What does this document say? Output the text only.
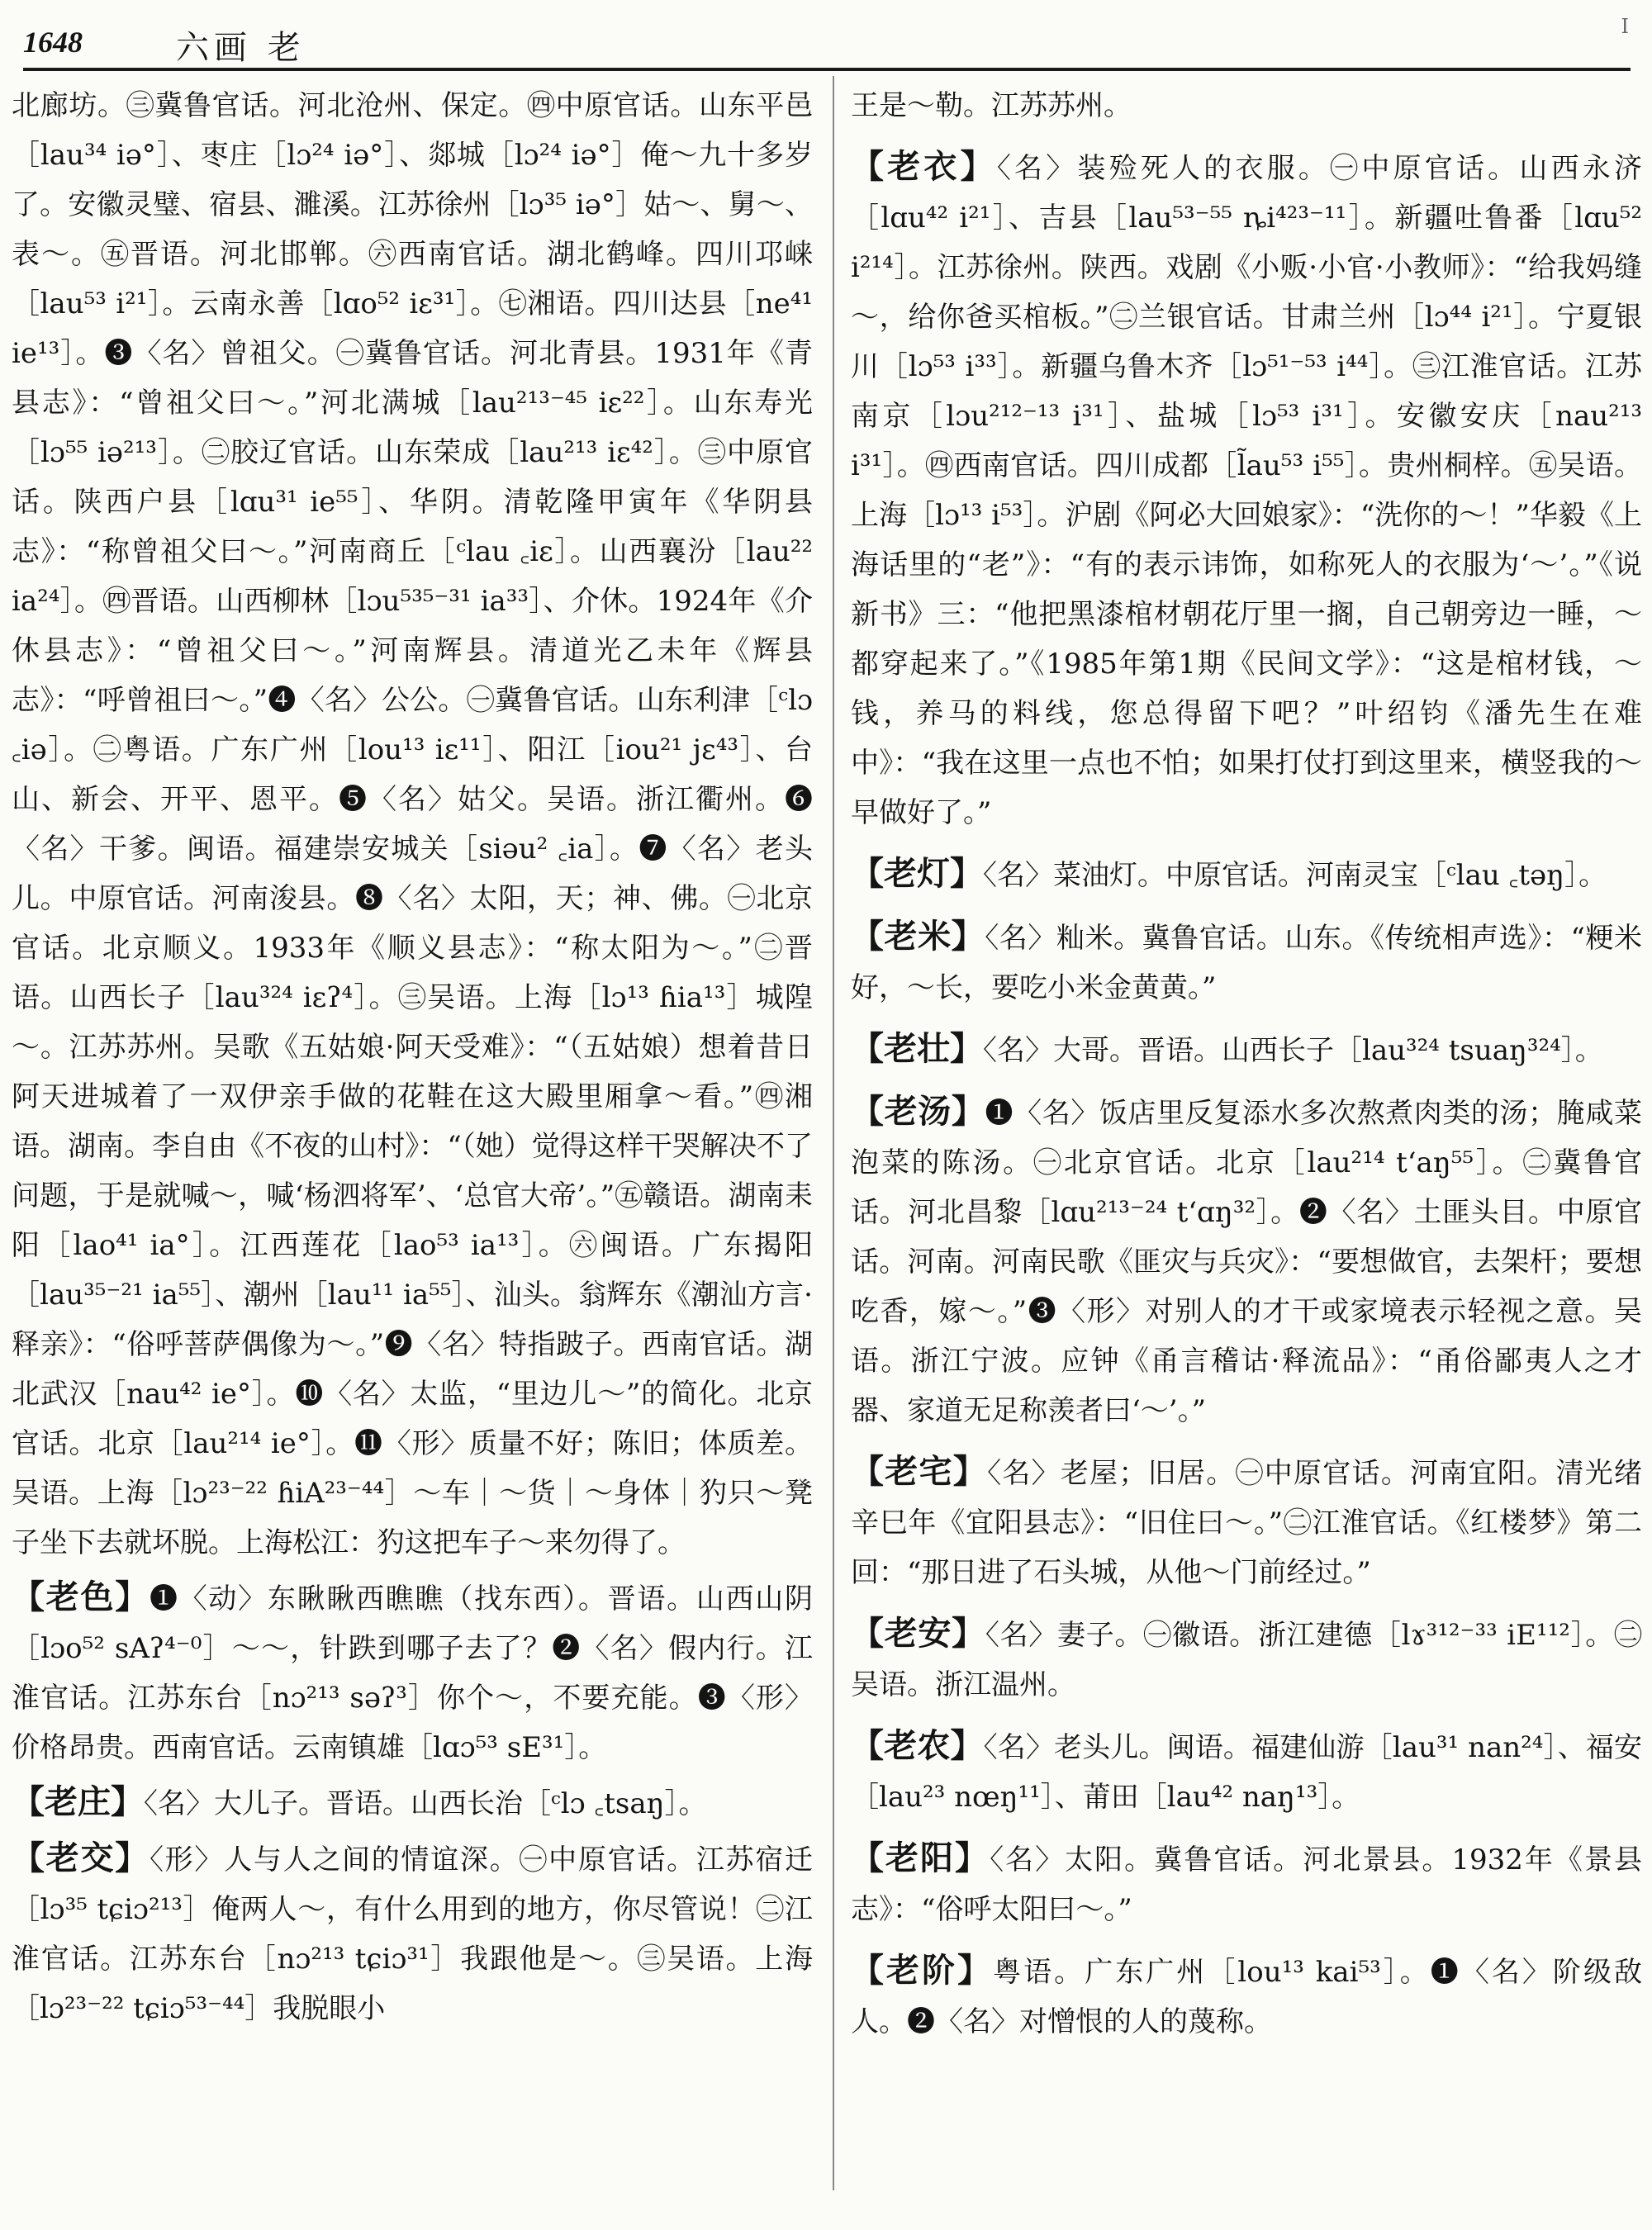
1648	六画 老
I
北廊坊。㊂冀鲁官话。河北沧州、保定。㊃中原官话。山东平邑［lau³⁴ iə°］、枣庄［lɔ²⁴ iə°］、郯城［lɔ²⁴ iə°］俺～九十多岁了。安徽灵璧、宿县、濉溪。江苏徐州［lɔ³⁵ iə°］姑～、舅～、表～。㊄晋语。河北邯郸。㊅西南官话。湖北鹤峰。四川邛崃［lau⁵³ i²¹］。云南永善［lɑo⁵² iɛ³¹］。㊆湘语。四川达县［ne⁴¹ ie¹³］。❸〈名〉曾祖父。㊀冀鲁官话。河北青县。1931年《青县志》：“曾祖父曰～。”河北满城［lau²¹³⁻⁴⁵ iɛ²²］。山东寿光［lɔ⁵⁵ iə²¹³］。㊁胶辽官话。山东荣成［lau²¹³ iɛ⁴²］。㊂中原官话。陕西户县［lɑu³¹ ie⁵⁵］、华阴。清乾隆甲寅年《华阴县志》：“称曾祖父曰～。”河南商丘［ᶜlau ꜀iɛ］。山西襄汾［lau²² ia²⁴］。㊃晋语。山西柳林［lɔu⁵³⁵⁻³¹ ia³³］、介休。1924年《介休县志》：“曾祖父曰～。”河南辉县。清道光乙未年《辉县志》：“呼曾祖曰～。”❹〈名〉公公。㊀冀鲁官话。山东利津［ᶜlɔ ꜀iə］。㊁粤语。广东广州［lou¹³ iɛ¹¹］、阳江［iou²¹ jɛ⁴³］、台山、新会、开平、恩平。❺〈名〉姑父。吴语。浙江衢州。❻〈名〉干爹。闽语。福建崇安城关［siəu² ꜀ia］。❼〈名〉老头儿。中原官话。河南浚县。❽〈名〉太阳，天；神、佛。㊀北京官话。北京顺义。1933年《顺义县志》：“称太阳为～。”㊁晋语。山西长子［lau³²⁴ iɛʔ⁴］。㊂吴语。上海［lɔ¹³ ɦia¹³］城隍～。江苏苏州。吴歌《五姑娘·阿天受难》：“（五姑娘）想着昔日阿天进城着了一双伊亲手做的花鞋在这大殿里厢拿～看。”㊃湘语。湖南。李自由《不夜的山村》：“（她）觉得这样干哭解决不了问题，于是就喊～，喊‘杨泗将军’、‘总官大帝’。”㊄赣语。湖南耒阳［lao⁴¹ ia°］。江西莲花［lao⁵³ ia¹³］。㊅闽语。广东揭阳［lau³⁵⁻²¹ ia⁵⁵］、潮州［lau¹¹ ia⁵⁵］、汕头。翁辉东《潮汕方言·释亲》：“俗呼菩萨偶像为～。”❾〈名〉特指跛子。西南官话。湖北武汉［nau⁴² ie°］。❿〈名〉太监，“里边儿～”的简化。北京官话。北京［lau²¹⁴ ie°］。⓫〈形〉质量不好；陈旧；体质差。吴语。上海［lɔ²³⁻²² ɦiA²³⁻⁴⁴］～车｜～货｜～身体｜犳只～凳子坐下去就坏脱。上海松江：犳这把车子～来勿得了。
【老色】❶〈动〉东瞅瞅西瞧瞧（找东西）。晋语。山西山阴［lɔo⁵² sAʔ⁴⁻⁰］～～，针跌到哪子去了？❷〈名〉假内行。江淮官话。江苏东台［nɔ²¹³ səʔ³］你个～，不要充能。❸〈形〉价格昂贵。西南官话。云南镇雄［lɑɔ⁵³ sE³¹］。
【老庄】〈名〉大儿子。晋语。山西长治［ᶜlɔ ꜀tsaŋ］。
【老交】〈形〉人与人之间的情谊深。㊀中原官话。江苏宿迁［lɔ³⁵ tɕiɔ²¹³］俺两人～，有什么用到的地方，你尽管说！㊁江淮官话。江苏东台［nɔ²¹³ tɕiɔ³¹］我跟他是～。㊂吴语。上海［lɔ²³⁻²² tɕiɔ⁵³⁻⁴⁴］我脱眼小
王是～勒。江苏苏州。
【老衣】〈名〉装殓死人的衣服。㊀中原官话。山西永济［lɑu⁴² i²¹］、吉县［lau⁵³⁻⁵⁵ ȵi⁴²³⁻¹¹］。新疆吐鲁番［lɑu⁵² i²¹⁴］。江苏徐州。陕西。戏剧《小贩·小官·小教师》：“给我妈缝～，给你爸买棺板。”㊁兰银官话。甘肃兰州［lɔ⁴⁴ i²¹］。宁夏银川［lɔ⁵³ i³³］。新疆乌鲁木齐［lɔ⁵¹⁻⁵³ i⁴⁴］。㊂江淮官话。江苏南京［lɔu²¹²⁻¹³ i³¹］、盐城［lɔ⁵³ i³¹］。安徽安庆［nau²¹³ i³¹］。㊃西南官话。四川成都［l̃au⁵³ i⁵⁵］。贵州桐梓。㊄吴语。上海［lɔ¹³ i⁵³］。沪剧《阿必大回娘家》：“洗你的～！”华毅《上海话里的“老”》：“有的表示讳饰，如称死人的衣服为‘～’。”《说新书》三：“他把黑漆棺材朝花厅里一搁，自己朝旁边一睡，～都穿起来了。”《1985年第1期《民间文学》：“这是棺材钱，～钱，养马的料线，您总得留下吧？”叶绍钧《潘先生在难中》：“我在这里一点也不怕；如果打仗打到这里来，横竖我的～早做好了。”
【老灯】〈名〉菜油灯。中原官话。河南灵宝［ᶜlau ꜀təŋ］。
【老米】〈名〉籼米。冀鲁官话。山东。《传统相声选》：“粳米好，～长，要吃小米金黄黄。”
【老壮】〈名〉大哥。晋语。山西长子［lau³²⁴ tsuaŋ³²⁴］。
【老汤】❶〈名〉饭店里反复添水多次熬煮肉类的汤；腌咸菜泡菜的陈汤。㊀北京官话。北京［lau²¹⁴ t‘aŋ⁵⁵］。㊁冀鲁官话。河北昌黎［lɑu²¹³⁻²⁴ t‘ɑŋ³²］。❷〈名〉土匪头目。中原官话。河南。河南民歌《匪灾与兵灾》：“要想做官，去架杆；要想吃香，嫁～。”❸〈形〉对别人的才干或家境表示轻视之意。吴语。浙江宁波。应钟《甬言稽诂·释流品》：“甬俗鄙夷人之才器、家道无足称羡者曰‘～’。”
【老宅】〈名〉老屋；旧居。㊀中原官话。河南宜阳。清光绪辛巳年《宜阳县志》：“旧住曰～。”㊁江淮官话。《红楼梦》第二回：“那日进了石头城，从他～门前经过。”
【老安】〈名〉妻子。㊀徽语。浙江建德［lɤ³¹²⁻³³ iE¹¹²］。㊁吴语。浙江温州。
【老农】〈名〉老头儿。闽语。福建仙游［lau³¹ nan²⁴］、福安［lau²³ nœŋ¹¹］、莆田［lau⁴² naŋ¹³］。
【老阳】〈名〉太阳。冀鲁官话。河北景县。1932年《景县志》：“俗呼太阳曰～。”
【老阶】粤语。广东广州［lou¹³ kai⁵³］。❶〈名〉阶级敌人。❷〈名〉对憎恨的人的蔑称。
